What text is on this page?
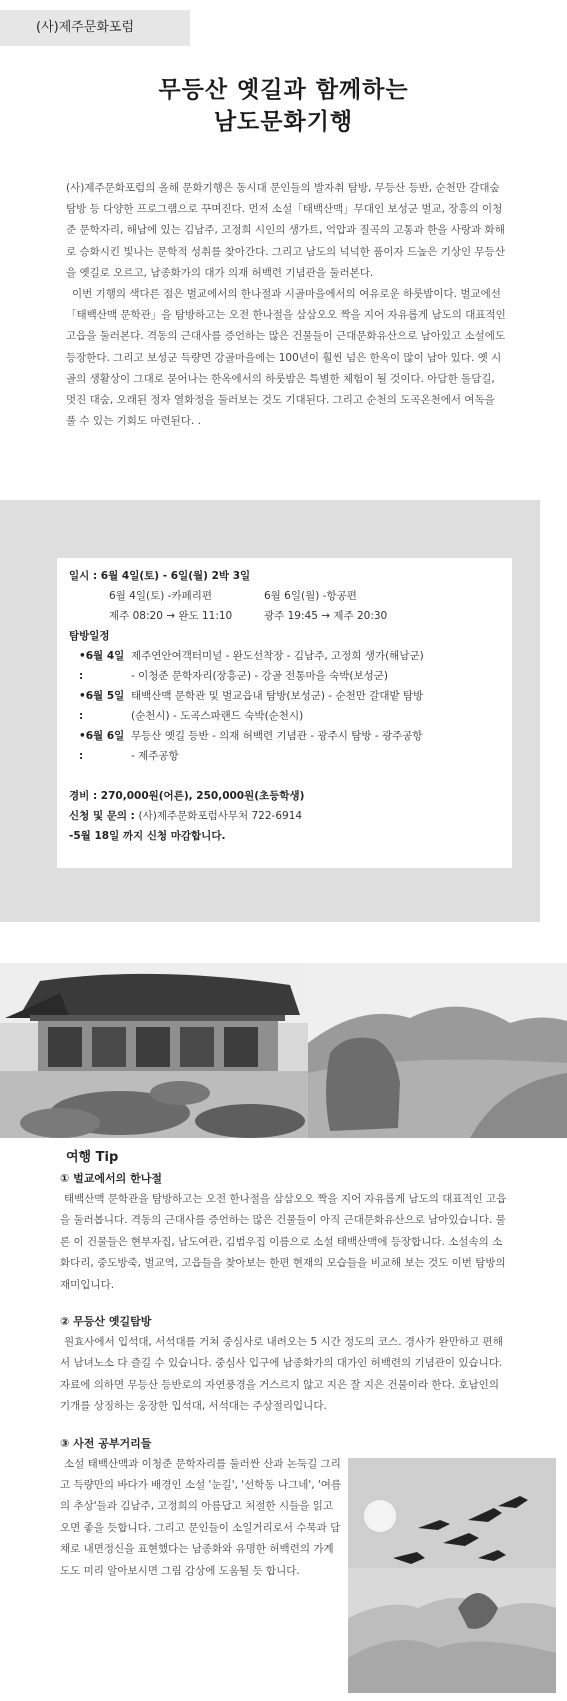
(사)제주문화포럼
무등산 옛길과 함께하는
남도문화기행

(사)제주문화포럼의 올해 문화기행은 동시대 문인들의 발자취 탐방, 무등산 등반, 순천만 갈대숲 탐방 등 다양한 프로그램으로 꾸며진다. 먼저 소설「태백산맥」무대인 보성군 벌교, 장흥의 이청준 문학자리, 해남에 있는 김남주, 고정희 시인의 생가트, 억압과 질곡의 고통과 한을 사랑과 화해로 승화시킨 빛나는 문학적 성취를 찾아간다. 그리고 남도의 넉넉한 품이자 드높은 기상인 무등산을 옛길로 오르고, 남종화가의 대가 의재 허백련 기념관을 둘러본다.

이번 기행의 색다른 점은 벌교에서의 한나절과 시골마을에서의 여유로운 하룻밤이다. 벌교에선「태백산맥 문학관」을 탐방하고는 오전 한나절을 삼삼오오 짝을 지어 자유롭게 남도의 대표적인 고읍을 둘러본다. 격동의 근대사를 증언하는 많은 건물들이 근대문화유산으로 남아있고 소설에도 등장한다. 그리고 보성군 득량면 강골마을에는 100년이 훨씬 넘은 한옥이 많이 남아 있다. 옛 시골의 생활상이 그대로 묻어나는 한옥에서의 하룻밤은 특별한 체험이 될 것이다. 아담한 돌담길, 멋진 대숲, 오래된 정자 열화정을 둘러보는 것도 기대된다. 그리고 순천의 도곡온천에서 여독을 풀 수 있는 기회도 마련된다. .

일시 : 6월 4일(토) - 6일(월) 2박 3일
6월 4일(토) -카페리편	6월 6일(월) -항공편
제주 08:20 → 완도 11:10	광주 19:45 → 제주 20:30
탐방일정
•6월 4일 :
제주연안여객터미널 - 완도선착장 - 김남주, 고정희 생가(해남군)
- 이청준 문학자리(장흥군) - 강골 전통마을 숙박(보성군)
•6월 5일 :
태백산맥 문학관 및 벌교읍내 탐방(보성군) - 순천만 갈대밭 탐방
(순천시) - 도곡스파랜드 숙박(순천시)
•6월 6일 :
무등산 옛길 등반 - 의재 허백련 기념관 - 광주시 탐방 - 광주공항
- 제주공항
경비 : 270,000원(어른), 250,000원(초등학생)
신청 및 문의 : (사)제주문화포럼사무처 722-6914
-5월 18일 까지 신청 마감합니다.
여행 Tip
① 벌교에서의 한나절
태백산맥 문학관을 탐방하고는 오전 한나절을 삼삼오오 짝을 지어 자유롭게 남도의 대표적인 고읍을 둘러봅니다. 격동의 근대사를 증언하는 많은 건물들이 아직 근대문화유산으로 남아있습니다. 물론 이 건물들은 현부자집, 남도여관, 김범우집 이름으로 소설 태백산맥에 등장합니다. 소설속의 소화다리, 중도방죽, 벌교역, 고읍들을 찾아보는 한편 현재의 모습들을 비교해 보는 것도 이번 탐방의 재미입니다.
② 무등산 옛길탐방
원효사에서 입석대, 서석대를 거쳐 중심사로 내려오는 5 시간 정도의 코스. 경사가 완만하고 편해서 남녀노소 다 즐길 수 있습니다. 중심사 입구에 남종화가의 대가인 허백련의 기념관이 있습니다. 자료에 의하면 무등산 등반로의 자연풍경을 거스르지 않고 지은 잘 지은 건물이라 한다. 호남인의 기개를 상징하는 웅장한 입석대, 서석대는 주상절리입니다.
③ 사전 공부거리들
소설 태백산맥과 이청준 문학자리를 둘러싼 산과 논둑길 그리고 득량만의 바다가 배경인 소설 '눈길', '선학동 나그네', '여름의 추상'들과 김남주, 고정희의 아름답고 처절한 시들을 읽고 오면 좋을 듯합니다. 그리고 문인들이 소일거리로서 수묵과 담채로 내면정신을 표현했다는 남종화와 유명한 허백련의 가계도도 미리 알아보시면 그림 감상에 도움될 듯 합니다.
